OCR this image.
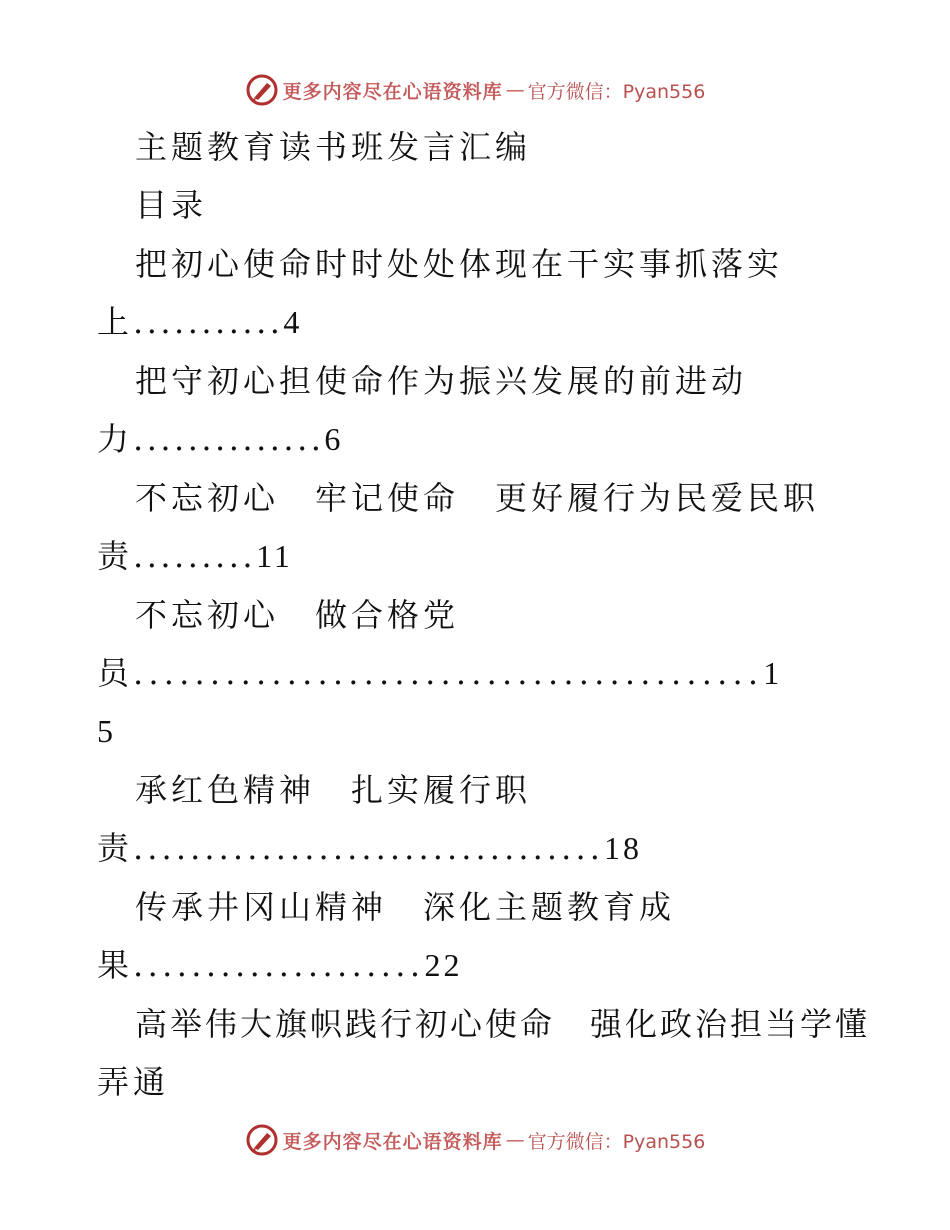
更多内容尽在心语资料库 — 官方微信：Pyan556
主题教育读书班发言汇编
目录
把初心使命时时处处体现在干实事抓落实
上...........4
把守初心担使命作为振兴发展的前进动
力..............6
不忘初心　牢记使命　更好履行为民爱民职
责.........11
不忘初心　做合格党
员.........................................1
5
承红色精神　扎实履行职
责.................................18
传承井冈山精神　深化主题教育成
果....................22
高举伟大旗帜践行初心使命　强化政治担当学懂
弄通
更多内容尽在心语资料库 — 官方微信：Pyan556
